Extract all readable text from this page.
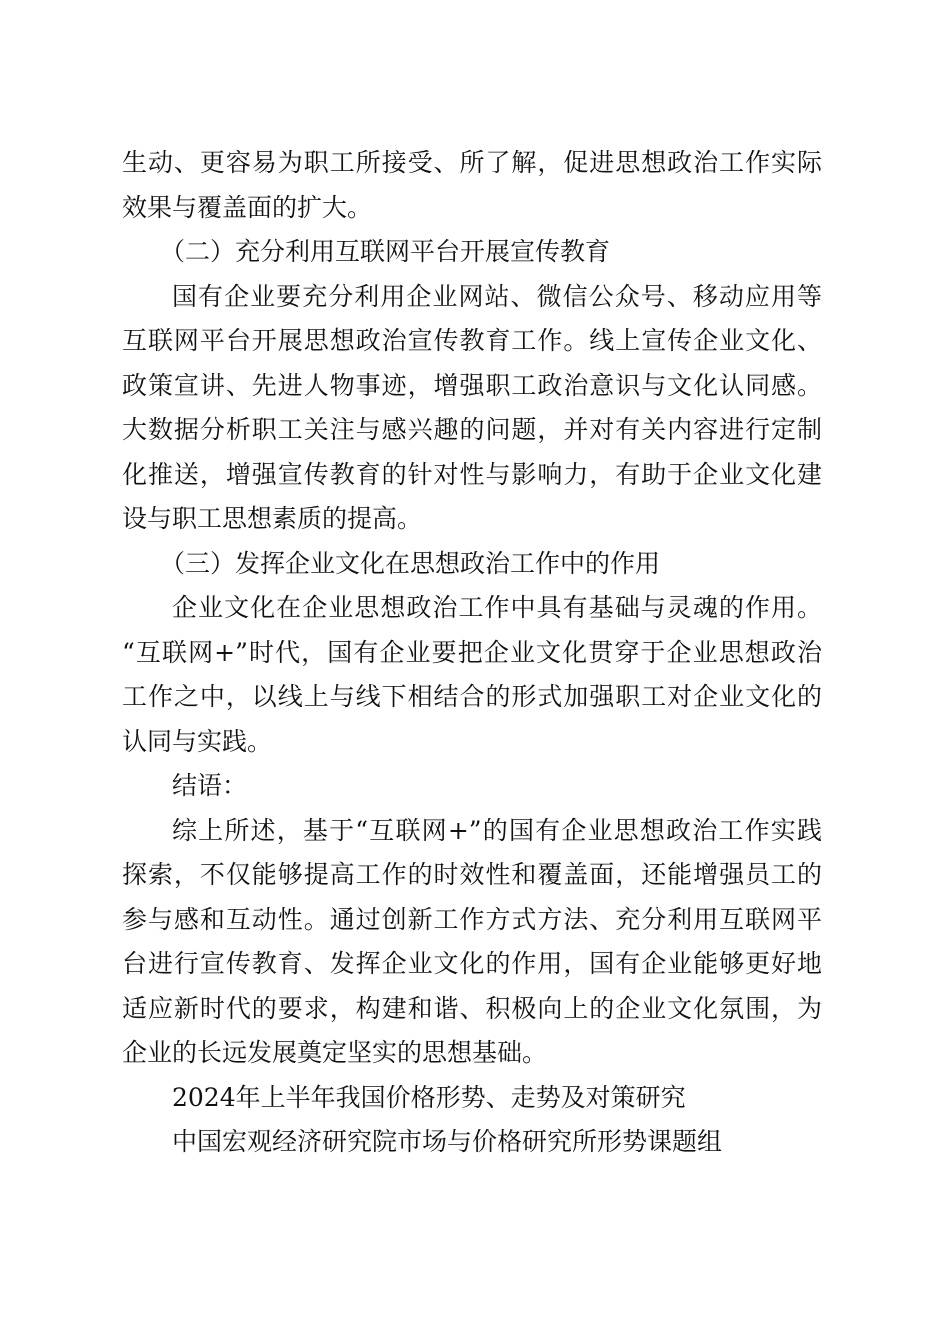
生动、更容易为职工所接受、所了解，促进思想政治工作实际
效果与覆盖面的扩大。
（二）充分利用互联网平台开展宣传教育
国有企业要充分利用企业网站、微信公众号、移动应用等
互联网平台开展思想政治宣传教育工作。线上宣传企业文化、
政策宣讲、先进人物事迹，增强职工政治意识与文化认同感。
大数据分析职工关注与感兴趣的问题，并对有关内容进行定制
化推送，增强宣传教育的针对性与影响力，有助于企业文化建
设与职工思想素质的提高。
（三）发挥企业文化在思想政治工作中的作用
企业文化在企业思想政治工作中具有基础与灵魂的作用。
“互联网+”时代，国有企业要把企业文化贯穿于企业思想政治
工作之中，以线上与线下相结合的形式加强职工对企业文化的
认同与实践。
结语：
综上所述，基于“互联网+”的国有企业思想政治工作实践
探索，不仅能够提高工作的时效性和覆盖面，还能增强员工的
参与感和互动性。通过创新工作方式方法、充分利用互联网平
台进行宣传教育、发挥企业文化的作用，国有企业能够更好地
适应新时代的要求，构建和谐、积极向上的企业文化氛围，为
企业的长远发展奠定坚实的思想基础。
2024年上半年我国价格形势、走势及对策研究
中国宏观经济研究院市场与价格研究所形势课题组
